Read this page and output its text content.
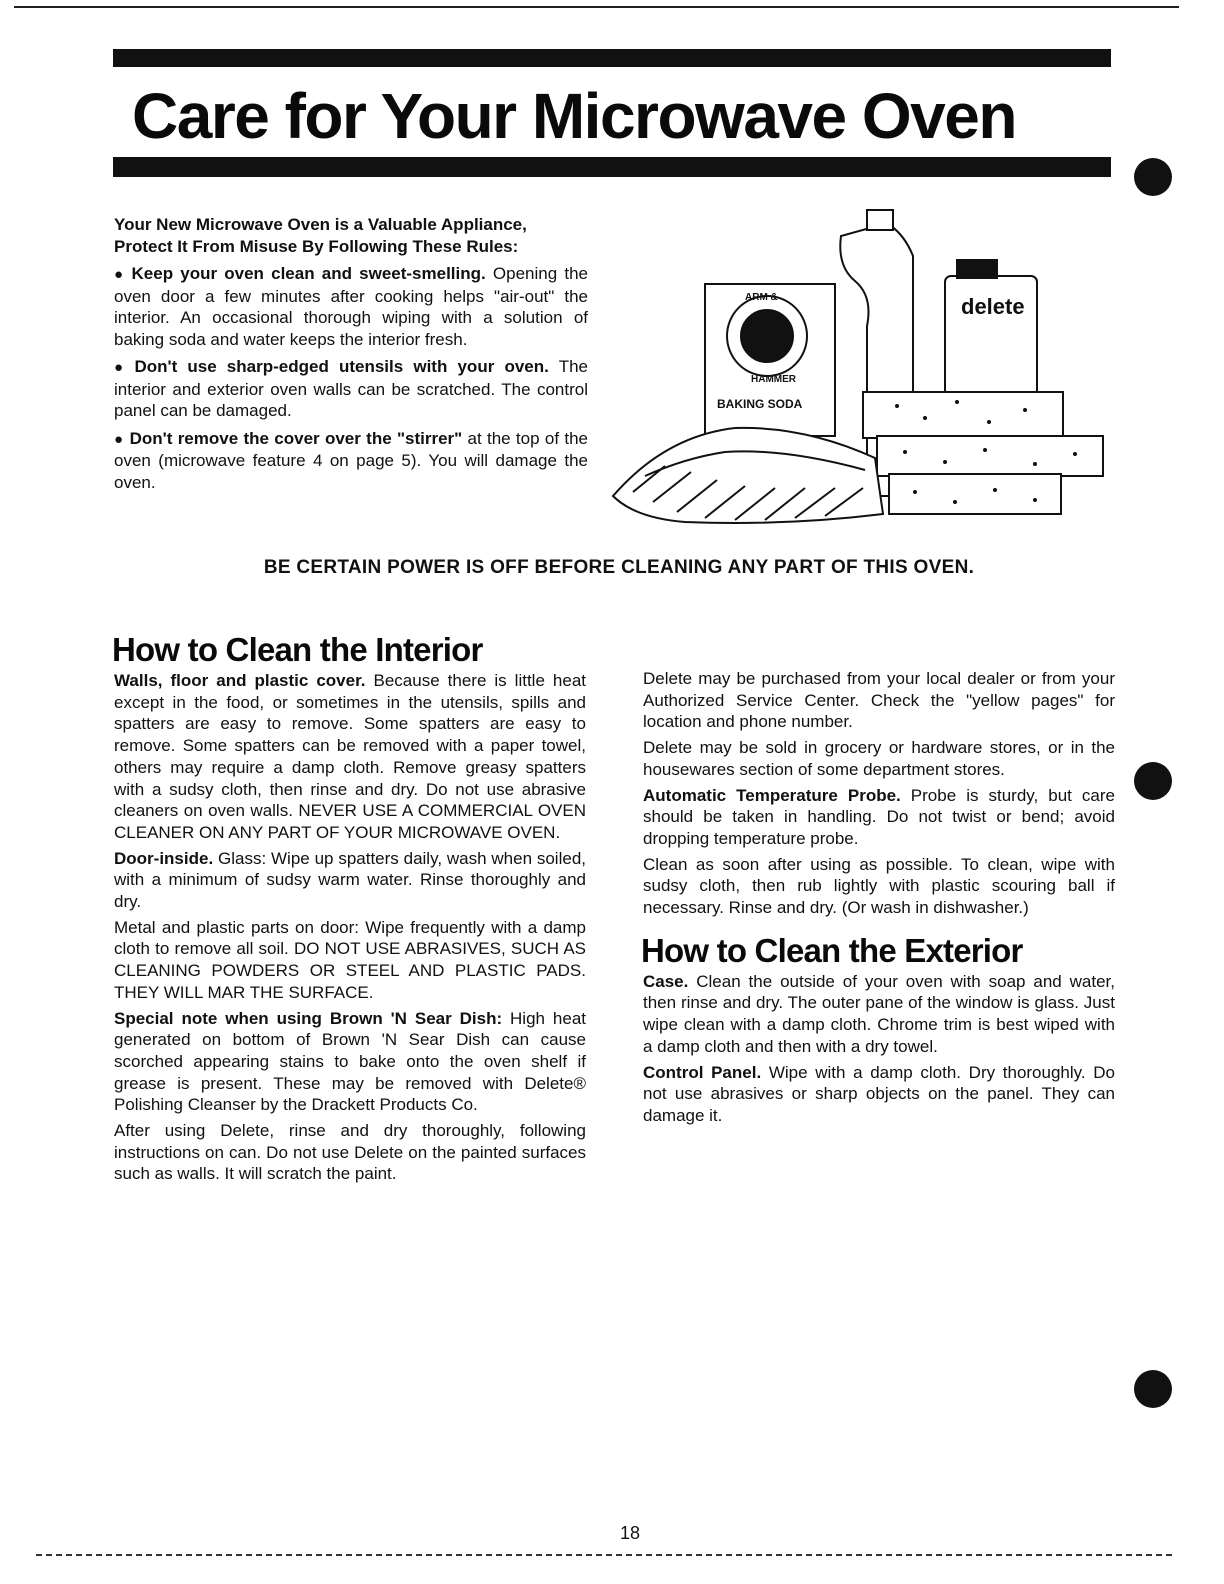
Care for Your Microwave Oven

Your New Microwave Oven is a Valuable Appliance,
Protect It From Misuse By Following These Rules:

● Keep your oven clean and sweet-smelling. Opening the oven door a few minutes after cooking helps "air-out" the interior. An occasional thorough wiping with a solution of baking soda and water keeps the interior fresh.

● Don't use sharp-edged utensils with your oven. The interior and exterior oven walls can be scratched. The control panel can be damaged.

● Don't remove the cover over the "stirrer" at the top of the oven (microwave feature 4 on page 5). You will damage the oven.

BAKING SODA
ARM &
HAMMER
delete
BE CERTAIN POWER IS OFF BEFORE CLEANING ANY PART OF THIS OVEN.
How to Clean the Interior

Walls, floor and plastic cover. Because there is little heat except in the food, or sometimes in the utensils, spills and spatters are easy to remove. Some spatters are easy to remove. Some spatters can be removed with a paper towel, others may require a damp cloth. Remove greasy spatters with a sudsy cloth, then rinse and dry. Do not use abrasive cleaners on oven walls. NEVER USE A COMMERCIAL OVEN CLEANER ON ANY PART OF YOUR MICROWAVE OVEN.

Door-inside. Glass: Wipe up spatters daily, wash when soiled, with a minimum of sudsy warm water. Rinse thoroughly and dry.

Metal and plastic parts on door: Wipe frequently with a damp cloth to remove all soil. DO NOT USE ABRASIVES, SUCH AS CLEANING POWDERS OR STEEL AND PLASTIC PADS. THEY WILL MAR THE SURFACE.

Special note when using Brown 'N Sear Dish: High heat generated on bottom of Brown 'N Sear Dish can cause scorched appearing stains to bake onto the oven shelf if grease is present. These may be removed with Delete® Polishing Cleanser by the Drackett Products Co.

After using Delete, rinse and dry thoroughly, following instructions on can. Do not use Delete on the painted surfaces such as walls. It will scratch the paint.

Delete may be purchased from your local dealer or from your Authorized Service Center. Check the "yellow pages" for location and phone number.

Delete may be sold in grocery or hardware stores, or in the housewares section of some department stores.

Automatic Temperature Probe. Probe is sturdy, but care should be taken in handling. Do not twist or bend; avoid dropping temperature probe.

Clean as soon after using as possible. To clean, wipe with sudsy cloth, then rub lightly with plastic scouring ball if necessary. Rinse and dry. (Or wash in dishwasher.)

How to Clean the Exterior

Case. Clean the outside of your oven with soap and water, then rinse and dry. The outer pane of the window is glass. Just wipe clean with a damp cloth. Chrome trim is best wiped with a damp cloth and then with a dry towel.

Control Panel. Wipe with a damp cloth. Dry thoroughly. Do not use abrasives or sharp objects on the panel. They can damage it.

18
